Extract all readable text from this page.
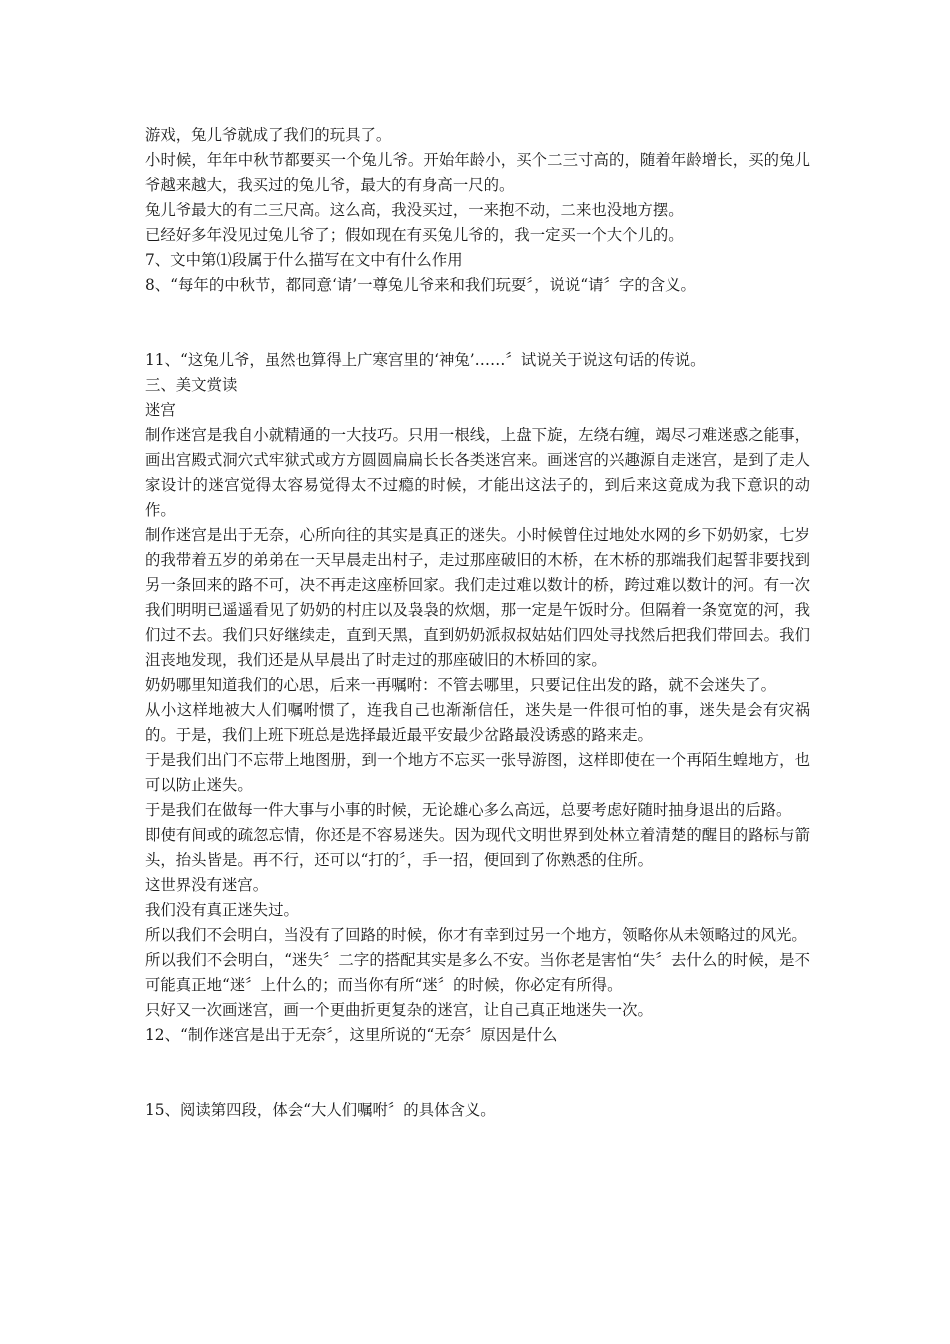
游戏，兔儿爷就成了我们的玩具了。

小时候，年年中秋节都要买一个兔儿爷。开始年龄小，买个二三寸高的，随着年龄增长，买的兔儿爷越来越大，我买过的兔儿爷，最大的有身高一尺的。

兔儿爷最大的有二三尺高。这么高，我没买过，一来抱不动，二来也没地方摆。

已经好多年没见过兔儿爷了；假如现在有买兔儿爷的，我一定买一个大个儿的。

7、文中第⑴段属于什么描写在文中有什么作用

8、“每年的中秋节，都同意‘请’一尊兔儿爷来和我们玩耍〞，说说“请〞字的含义。

11、“这兔儿爷，虽然也算得上广寒宫里的‘神兔’……〞试说关于说这句话的传说。

三、美文赏读

迷宫

制作迷宫是我自小就精通的一大技巧。只用一根线，上盘下旋，左绕右缠，竭尽刁难迷惑之能事，画出宫殿式洞穴式牢狱式或方方圆圆扁扁长长各类迷宫来。画迷宫的兴趣源自走迷宫，是到了走人家设计的迷宫觉得太容易觉得太不过瘾的时候，才能出这法子的，到后来这竟成为我下意识的动作。

制作迷宫是出于无奈，心所向往的其实是真正的迷失。小时候曾住过地处水网的乡下奶奶家，七岁的我带着五岁的弟弟在一天早晨走出村子，走过那座破旧的木桥，在木桥的那端我们起誓非要找到另一条回来的路不可，决不再走这座桥回家。我们走过难以数计的桥，跨过难以数计的河。有一次我们明明已遥遥看见了奶奶的村庄以及袅袅的炊烟，那一定是午饭时分。但隔着一条宽宽的河，我们过不去。我们只好继续走，直到天黑，直到奶奶派叔叔姑姑们四处寻找然后把我们带回去。我们沮丧地发现，我们还是从早晨出了时走过的那座破旧的木桥回的家。

奶奶哪里知道我们的心思，后来一再嘱咐：不管去哪里，只要记住出发的路，就不会迷失了。

从小这样地被大人们嘱咐惯了，连我自己也渐渐信任，迷失是一件很可怕的事，迷失是会有灾祸的。于是，我们上班下班总是选择最近最平安最少岔路最没诱惑的路来走。

于是我们出门不忘带上地图册，到一个地方不忘买一张导游图，这样即使在一个再陌生蝗地方，也可以防止迷失。

于是我们在做每一件大事与小事的时候，无论雄心多么高远，总要考虑好随时抽身退出的后路。

即使有间或的疏忽忘情，你还是不容易迷失。因为现代文明世界到处林立着清楚的醒目的路标与箭头，抬头皆是。再不行，还可以“打的〞，手一招，便回到了你熟悉的住所。

这世界没有迷宫。

我们没有真正迷失过。

所以我们不会明白，当没有了回路的时候，你才有幸到过另一个地方，领略你从未领略过的风光。

所以我们不会明白，“迷失〞二字的搭配其实是多么不安。当你老是害怕“失〞去什么的时候，是不可能真正地“迷〞上什么的；而当你有所“迷〞的时候，你必定有所得。

只好又一次画迷宫，画一个更曲折更复杂的迷宫，让自己真正地迷失一次。

12、“制作迷宫是出于无奈〞，这里所说的“无奈〞原因是什么

15、阅读第四段，体会“大人们嘱咐〞的具体含义。
